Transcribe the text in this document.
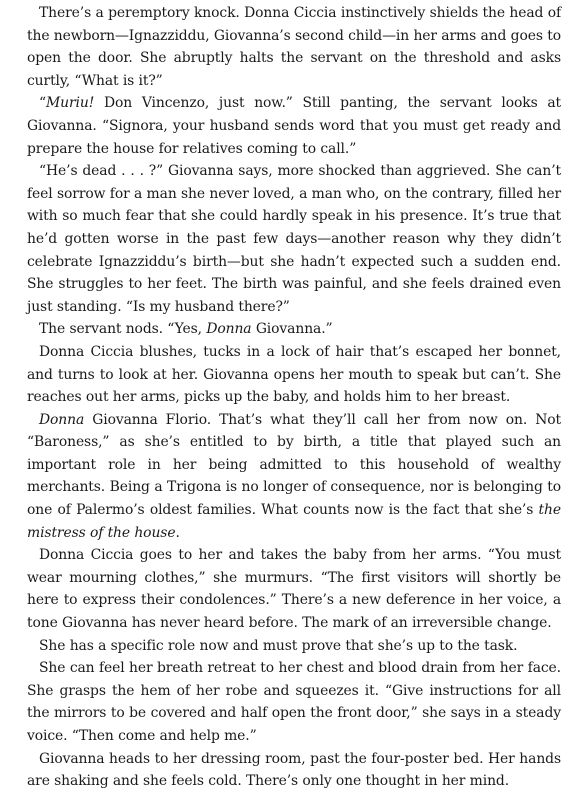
There’s a peremptory knock. Donna Ciccia instinctively shields the head of the newborn—Ignazziddu, Giovanna’s second child—in her arms and goes to open the door. She abruptly halts the servant on the threshold and asks curtly, “What is it?”

“Muriu! Don Vincenzo, just now.” Still panting, the servant looks at Giovanna. “Signora, your husband sends word that you must get ready and prepare the house for relatives coming to call.”

“He’s dead . . . ?” Giovanna says, more shocked than aggrieved. She can’t feel sorrow for a man she never loved, a man who, on the contrary, filled her with so much fear that she could hardly speak in his presence. It’s true that he’d gotten worse in the past few days—another reason why they didn’t celebrate Ignazziddu’s birth—but she hadn’t expected such a sudden end. She struggles to her feet. The birth was painful, and she feels drained even just standing. “Is my husband there?”

The servant nods. “Yes, Donna Giovanna.”

Donna Ciccia blushes, tucks in a lock of hair that’s escaped her bonnet, and turns to look at her. Giovanna opens her mouth to speak but can’t. She reaches out her arms, picks up the baby, and holds him to her breast.

Donna Giovanna Florio. That’s what they’ll call her from now on. Not “Baroness,” as she’s entitled to by birth, a title that played such an important role in her being admitted to this household of wealthy merchants. Being a Trigona is no longer of consequence, nor is belonging to one of Palermo’s oldest families. What counts now is the fact that she’s the mistress of the house.

Donna Ciccia goes to her and takes the baby from her arms. “You must wear mourning clothes,” she murmurs. “The first visitors will shortly be here to express their condolences.” There’s a new deference in her voice, a tone Giovanna has never heard before. The mark of an irreversible change.

She has a specific role now and must prove that she’s up to the task.

She can feel her breath retreat to her chest and blood drain from her face. She grasps the hem of her robe and squeezes it. “Give instructions for all the mirrors to be covered and half open the front door,” she says in a steady voice. “Then come and help me.”

Giovanna heads to her dressing room, past the four-poster bed. Her hands are shaking and she feels cold. There’s only one thought in her mind.
